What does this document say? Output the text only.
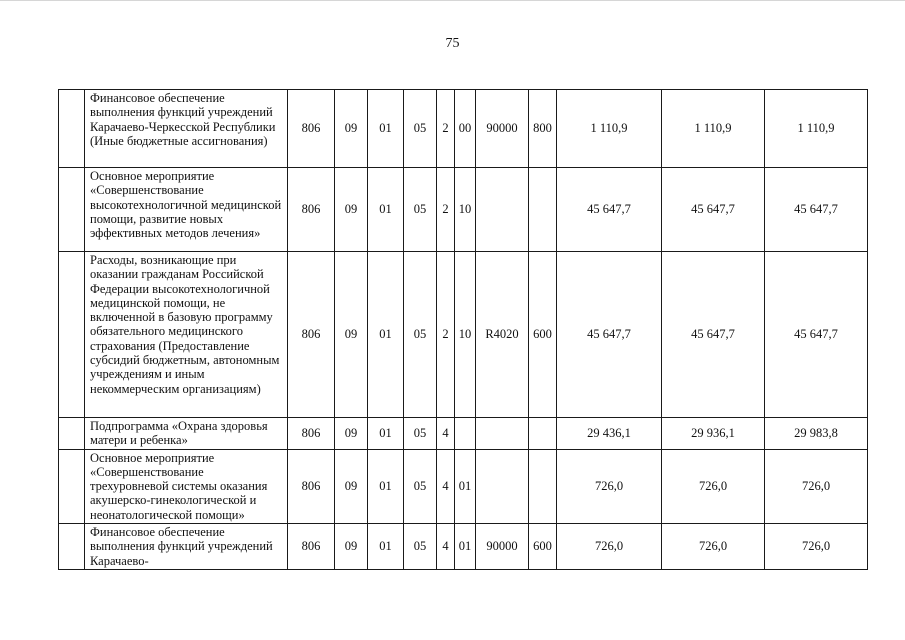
75
	Финансовое обеспечение выполнения функций учреждений Карачаево-Черкесской Республики (Иные бюджетные ассигнования)	806	09	01	05	2	00	90000	800	1 110,9	1 110,9	1 110,9
	Основное мероприятие «Совершенствование высокотехнологичной медицинской помощи, развитие новых эффективных методов лечения»	806	09	01	05	2	10			45 647,7	45 647,7	45 647,7
	Расходы, возникающие при оказании гражданам Российской Федерации высокотехнологичной медицинской помощи, не включенной в базовую программу обязательного медицинского страхования (Предоставление субсидий бюджетным, автономным учреждениям и иным некоммерческим организациям)	806	09	01	05	2	10	R4020	600	45 647,7	45 647,7	45 647,7
	Подпрограмма «Охрана здоровья матери и ребенка»	806	09	01	05	4				29 436,1	29 936,1	29 983,8
	Основное мероприятие «Совершенствование трехуровневой системы оказания акушерско-гинекологической и неонатологической помощи»	806	09	01	05	4	01			726,0	726,0	726,0
	Финансовое обеспечение выполнения функций учреждений Карачаево-	806	09	01	05	4	01	90000	600	726,0	726,0	726,0
